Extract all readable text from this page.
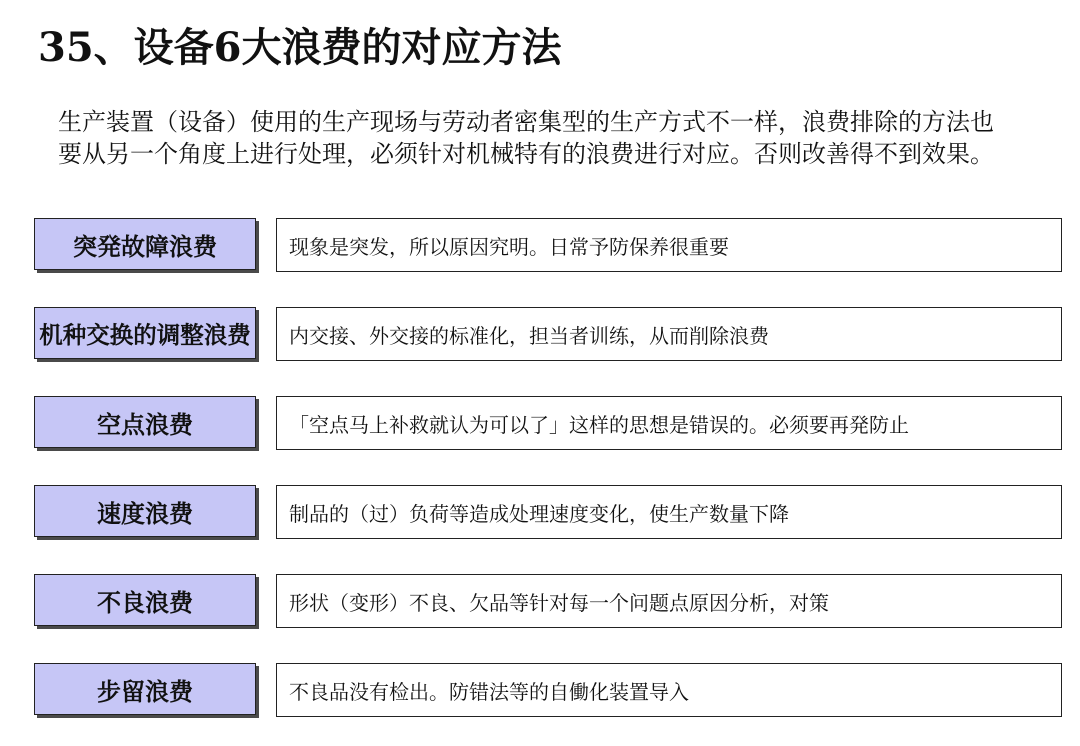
35、设备6大浪费的对应方法
生产装置（设备）使用的生产现场与劳动者密集型的生产方式不一样，浪费排除的方法也
要从另一个角度上进行处理，必须针对机械特有的浪费进行对应。否则改善得不到效果。
突発故障浪费	现象是突发，所以原因究明。日常予防保养很重要
机种交换的调整浪费	内交接、外交接的标准化，担当者训练，从而削除浪费
空点浪费	「空点马上补救就认为可以了」这样的思想是错误的。必须要再発防止
速度浪费	制品的（过）负荷等造成处理速度变化，使生产数量下降
不良浪费	形状（变形）不良、欠品等针对每一个问题点原因分析，对策
步留浪费	不良品没有检出。防错法等的自働化装置导入
